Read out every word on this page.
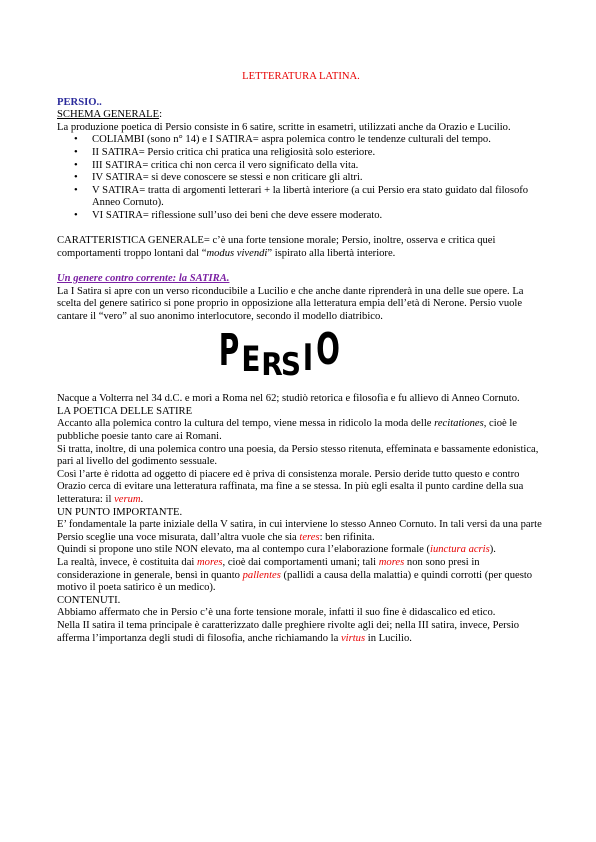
LETTERATURA LATINA.

PERSIO..

SCHEMA GENERALE:

La produzione poetica di Persio consiste in 6 satire, scritte in esametri, utilizzati anche da Orazio e Lucilio.

• COLIAMBI (sono n° 14) e I SATIRA= aspra polemica contro le tendenze culturali del tempo.
• II SATIRA= Persio critica chi pratica una religiosità solo esteriore.
• III SATIRA= critica chi non cerca il vero significato della vita.
• IV SATIRA= si deve conoscere se stessi e non criticare gli altri.
• V SATIRA= tratta di argomenti letterari + la libertà interiore (a cui Persio era stato guidato dal filosofo Anneo Cornuto).
• VI SATIRA= riflessione sull’uso dei beni che deve essere moderato.

CARATTERISTICA GENERALE= c’è una forte tensione morale; Persio, inoltre, osserva e critica quei comportamenti troppo lontani dal “modus vivendi” ispirato alla libertà interiore.

Un genere contro corrente: la SATIRA.

La I Satira si apre con un verso riconducibile a Lucilio e che anche dante riprenderà in una delle sue opere. La scelta del genere satirico si pone proprio in opposizione alla letteratura empia dell’età di Nerone. Persio vuole cantare il “vero” al suo anonimo interlocutore, secondo il modello diatribico.

P E R
S I O

Nacque a Volterra nel 34 d.C. e morì a Roma nel 62; studiò retorica e filosofia e fu allievo di Anneo Cornuto.

LA POETICA DELLE SATIRE

Accanto alla polemica contro la cultura del tempo, viene messa in ridicolo la moda delle recitationes, cioè le pubbliche poesie tanto care ai Romani.

Si tratta, inoltre, di una polemica contro una poesia, da Persio stesso ritenuta, effeminata e bassamente edonistica, pari al livello del godimento sessuale.

Così l’arte è ridotta ad oggetto di piacere ed è priva di consistenza morale. Persio deride tutto questo e contro Orazio cerca di evitare una letteratura raffinata, ma fine a se stessa. In più egli esalta il punto cardine della sua letteratura: il verum.

UN PUNTO IMPORTANTE.

E’ fondamentale la parte iniziale della V satira, in cui interviene lo stesso Anneo Cornuto. In tali versi da una parte Persio sceglie una voce misurata, dall’altra vuole che sia teres: ben rifinita.

Quindi si propone uno stile NON elevato, ma al contempo cura l’elaborazione formale (iunctura acris).

La realtà, invece, è costituita dai mores, cioè dai comportamenti umani; tali mores non sono presi in considerazione in generale, bensì in quanto pallentes (pallidi a causa della malattia) e quindi corrotti (per questo motivo il poeta satirico è un medico).

CONTENUTI.

Abbiamo affermato che in Persio c’è una forte tensione morale, infatti il suo fine è didascalico ed etico.

Nella II satira il tema principale è caratterizzato dalle preghiere rivolte agli dei; nella III satira, invece, Persio afferma l’importanza degli studi di filosofia, anche richiamando la virtus in Lucilio.
